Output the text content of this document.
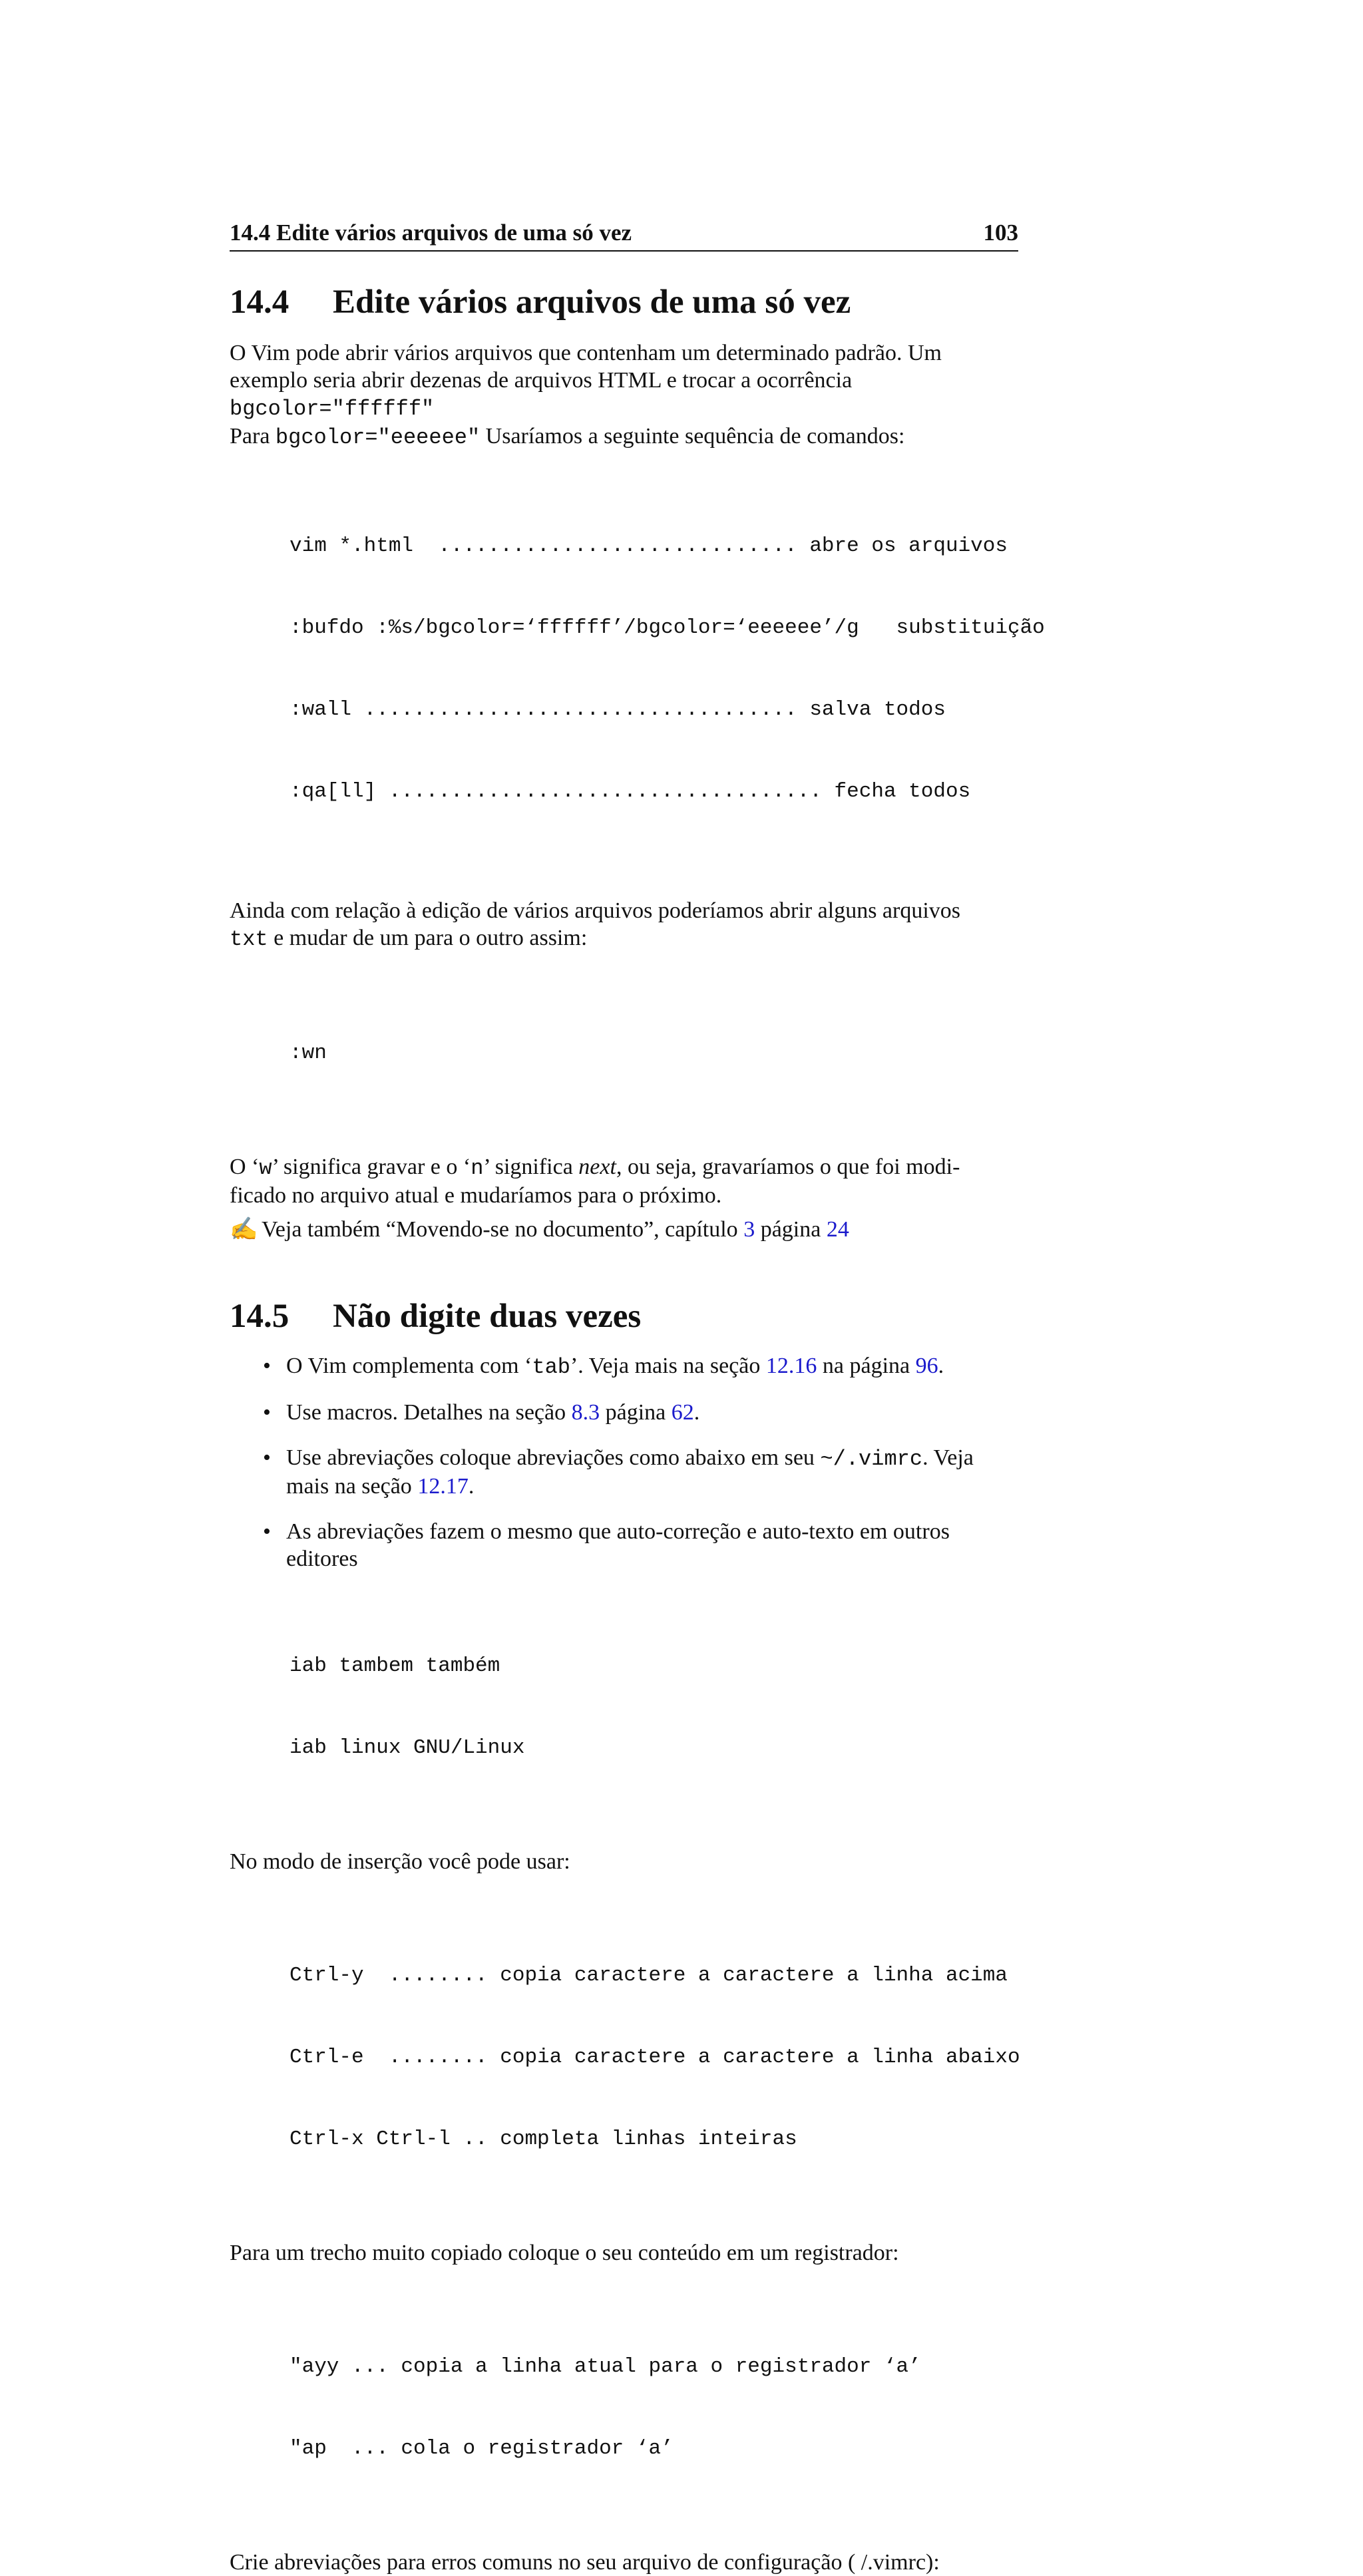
14.4 Edite vários arquivos de uma só vez	103
14.4 Edite vários arquivos de uma só vez

O Vim pode abrir vários arquivos que contenham um determinado padrão. Um
exemplo seria abrir dezenas de arquivos HTML e trocar a ocorrência bgcolor="ffffff"
Para bgcolor="eeeeee" Usaríamos a seguinte sequência de comandos:

vim *.html  ............................. abre os arquivos

:bufdo :%s/bgcolor=‘ffffff’/bgcolor=‘eeeeee’/g   substituição

:wall ................................... salva todos

:qa[ll] ................................... fecha todos

Ainda com relação à edição de vários arquivos poderíamos abrir alguns arquivos
txt e mudar de um para o outro assim:

:wn

O ‘w’ significa gravar e o ‘n’ significa next, ou seja, gravaríamos o que foi modi-
ficado no arquivo atual e mudaríamos para o próximo.

✍ Veja também “Movendo-se no documento”, capítulo 3 página 24
14.5 Não digite duas vezes
• O Vim complementa com ‘tab’. Veja mais na seção 12.16 na página 96.
• Use macros. Detalhes na seção 8.3 página 62.
• Use abreviações coloque abreviações como abaixo em seu ~/.vimrc. Veja
mais na seção 12.17.
• As abreviações fazem o mesmo que auto-correção e auto-texto em outros
editores

iab tambem também

iab linux GNU/Linux

No modo de inserção você pode usar:

Ctrl-y  ........ copia caractere a caractere a linha acima

Ctrl-e  ........ copia caractere a caractere a linha abaixo

Ctrl-x Ctrl-l .. completa linhas inteiras

Para um trecho muito copiado coloque o seu conteúdo em um registrador:

"ayy ... copia a linha atual para o registrador ‘a’

"ap  ... cola o registrador ‘a’

Crie abreviações para erros comuns no seu arquivo de configuração ( /.vimrc):
